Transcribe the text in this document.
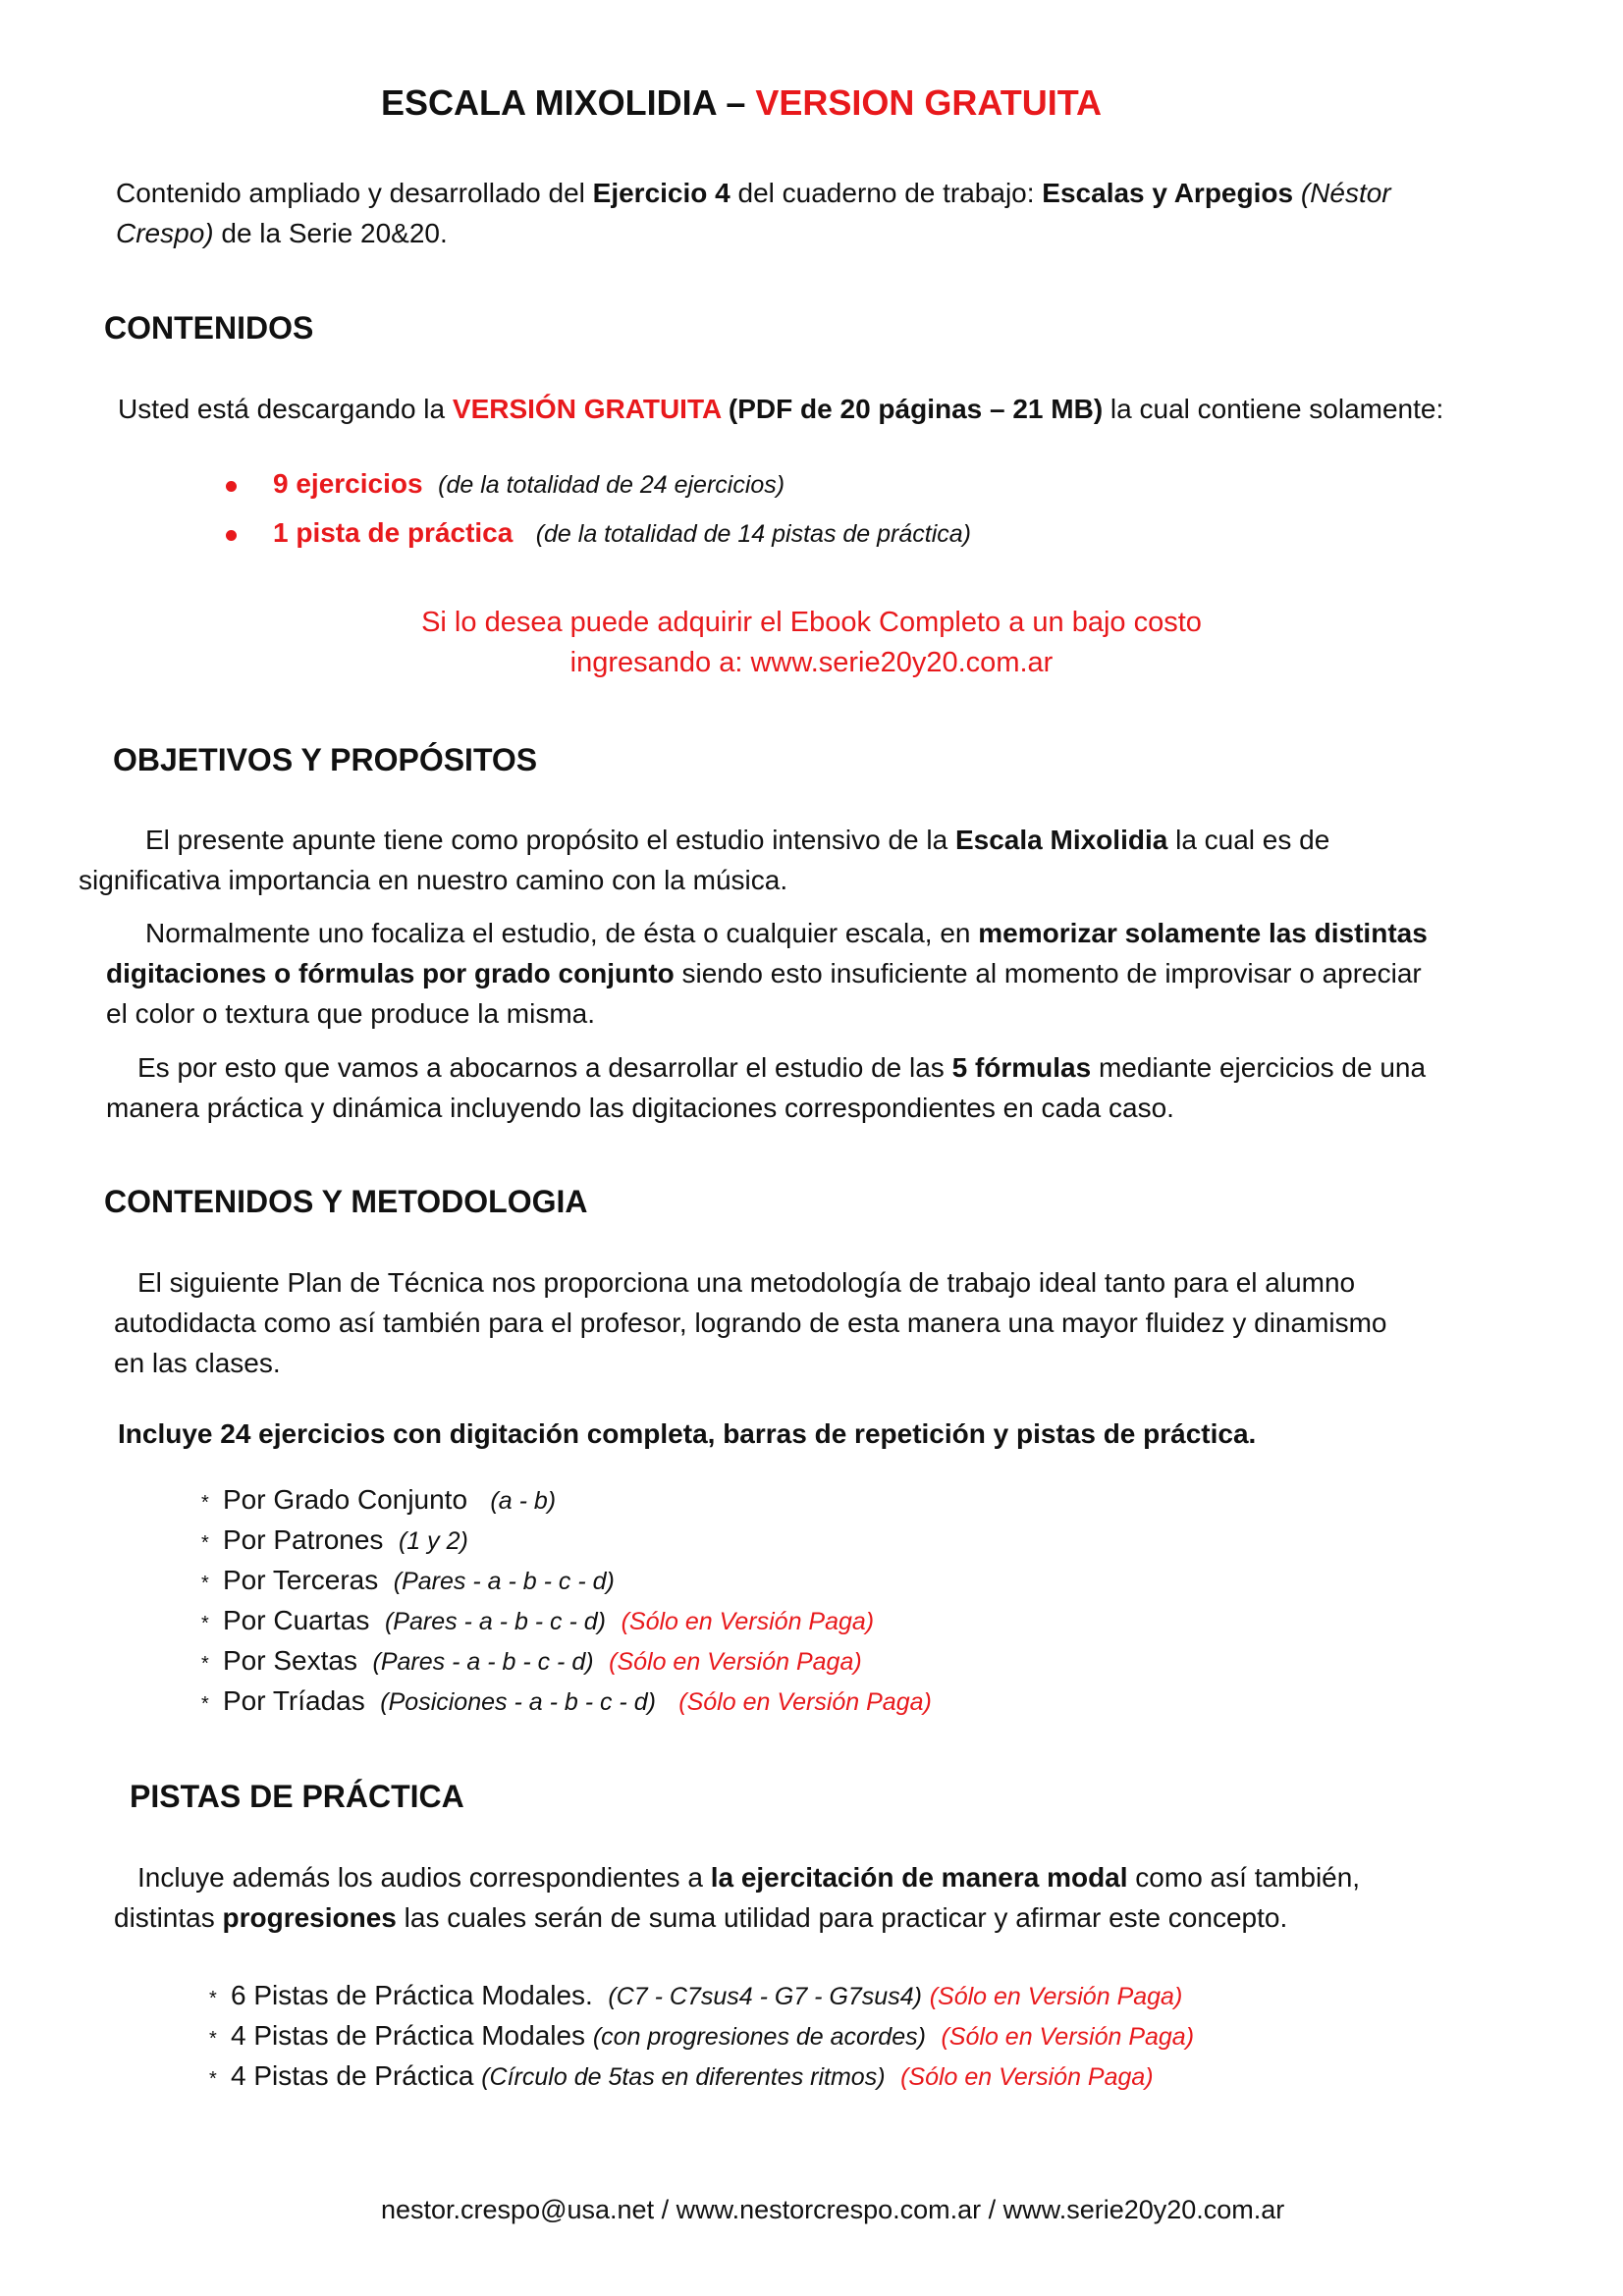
ESCALA MIXOLIDIA – VERSION GRATUITA
Contenido ampliado y desarrollado del Ejercicio 4 del cuaderno de trabajo: Escalas y Arpegios (Néstor
Crespo) de la Serie 20&20.
CONTENIDOS
Usted está descargando la VERSIÓN GRATUITA (PDF de 20 páginas – 21 MB) la cual contiene solamente:
9 ejercicios (de la totalidad de 24 ejercicios)
1 pista de práctica (de la totalidad de 14 pistas de práctica)
Si lo desea puede adquirir el Ebook Completo a un bajo costo
ingresando a: www.serie20y20.com.ar
OBJETIVOS Y PROPÓSITOS
El presente apunte tiene como propósito el estudio intensivo de la Escala Mixolidia la cual es de
significativa importancia en nuestro camino con la música.
Normalmente uno focaliza el estudio, de ésta o cualquier escala, en memorizar solamente las distintas
digitaciones o fórmulas por grado conjunto siendo esto insuficiente al momento de improvisar o apreciar
el color o textura que produce la misma.
Es por esto que vamos a abocarnos a desarrollar el estudio de las 5 fórmulas mediante ejercicios de una
manera práctica y dinámica incluyendo las digitaciones correspondientes en cada caso.
CONTENIDOS Y METODOLOGIA
El siguiente Plan de Técnica nos proporciona una metodología de trabajo ideal tanto para el alumno
autodidacta como así también para el profesor, logrando de esta manera una mayor fluidez y dinamismo
en las clases.
Incluye 24 ejercicios con digitación completa, barras de repetición y pistas de práctica.
* Por Grado Conjunto (a - b)
* Por Patrones (1 y 2)
* Por Terceras (Pares - a - b - c - d)
* Por Cuartas (Pares - a - b - c - d) (Sólo en Versión Paga)
* Por Sextas (Pares - a - b - c - d) (Sólo en Versión Paga)
* Por Tríadas (Posiciones - a - b - c - d) (Sólo en Versión Paga)
PISTAS DE PRÁCTICA
Incluye además los audios correspondientes a la ejercitación de manera modal como así también,
distintas progresiones las cuales serán de suma utilidad para practicar y afirmar este concepto.
* 6 Pistas de Práctica Modales. (C7 - C7sus4 - G7 - G7sus4) (Sólo en Versión Paga)
* 4 Pistas de Práctica Modales (con progresiones de acordes) (Sólo en Versión Paga)
* 4 Pistas de Práctica (Círculo de 5tas en diferentes ritmos) (Sólo en Versión Paga)
nestor.crespo@usa.net / www.nestorcrespo.com.ar / www.serie20y20.com.ar
